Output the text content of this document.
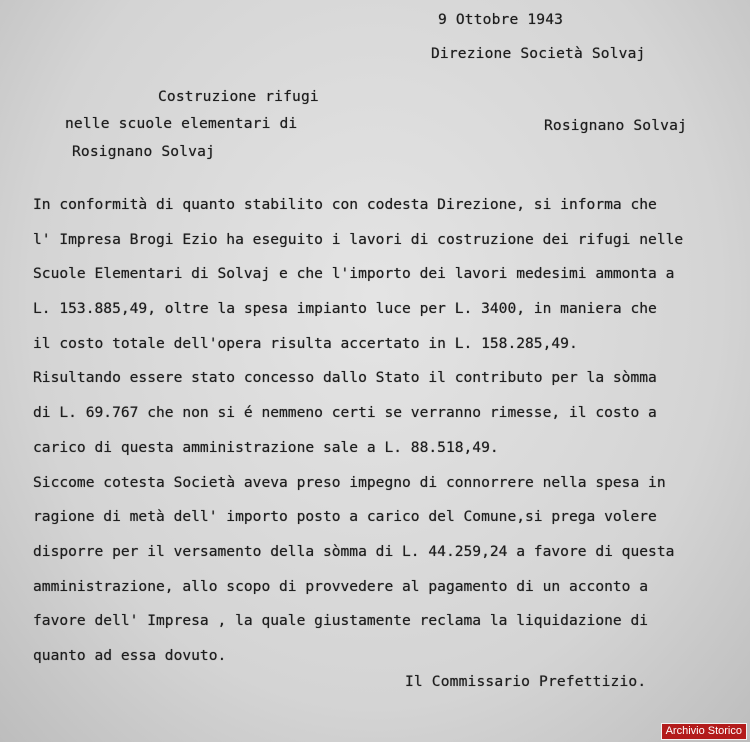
9 Ottobre 1943
Direzione Società Solvaj
Costruzione rifugi
nelle scuole elementari di
Rosignano Solvaj
Rosignano Solvaj
In conformità di quanto stabilito con codesta Direzione, si informa che
l' Impresa Brogi Ezio ha eseguito i lavori di costruzione dei rifugi nelle
Scuole Elementari di Solvaj e che l'importo dei lavori medesimi ammonta a
L. 153.885,49, oltre la spesa impianto luce per L. 3400, in maniera che
il costo totale dell'opera risulta accertato in L. 158.285,49.
Risultando essere stato concesso dallo Stato il contributo per la sòmma
di L. 69.767 che non si é nemmeno certi se verranno rimesse, il costo a
carico di questa amministrazione sale a L. 88.518,49.
Siccome cotesta Società aveva preso impegno di connorrere nella spesa in
ragione di metà dell' importo posto a carico del Comune,si prega volere
disporre per il versamento della sòmma di L. 44.259,24 a favore di questa
amministrazione, allo scopo di provvedere al pagamento di un acconto a
favore dell' Impresa , la quale giustamente reclama la liquidazione di
quanto ad essa dovuto.
Il Commissario Prefettizio.
Archivio Storico
